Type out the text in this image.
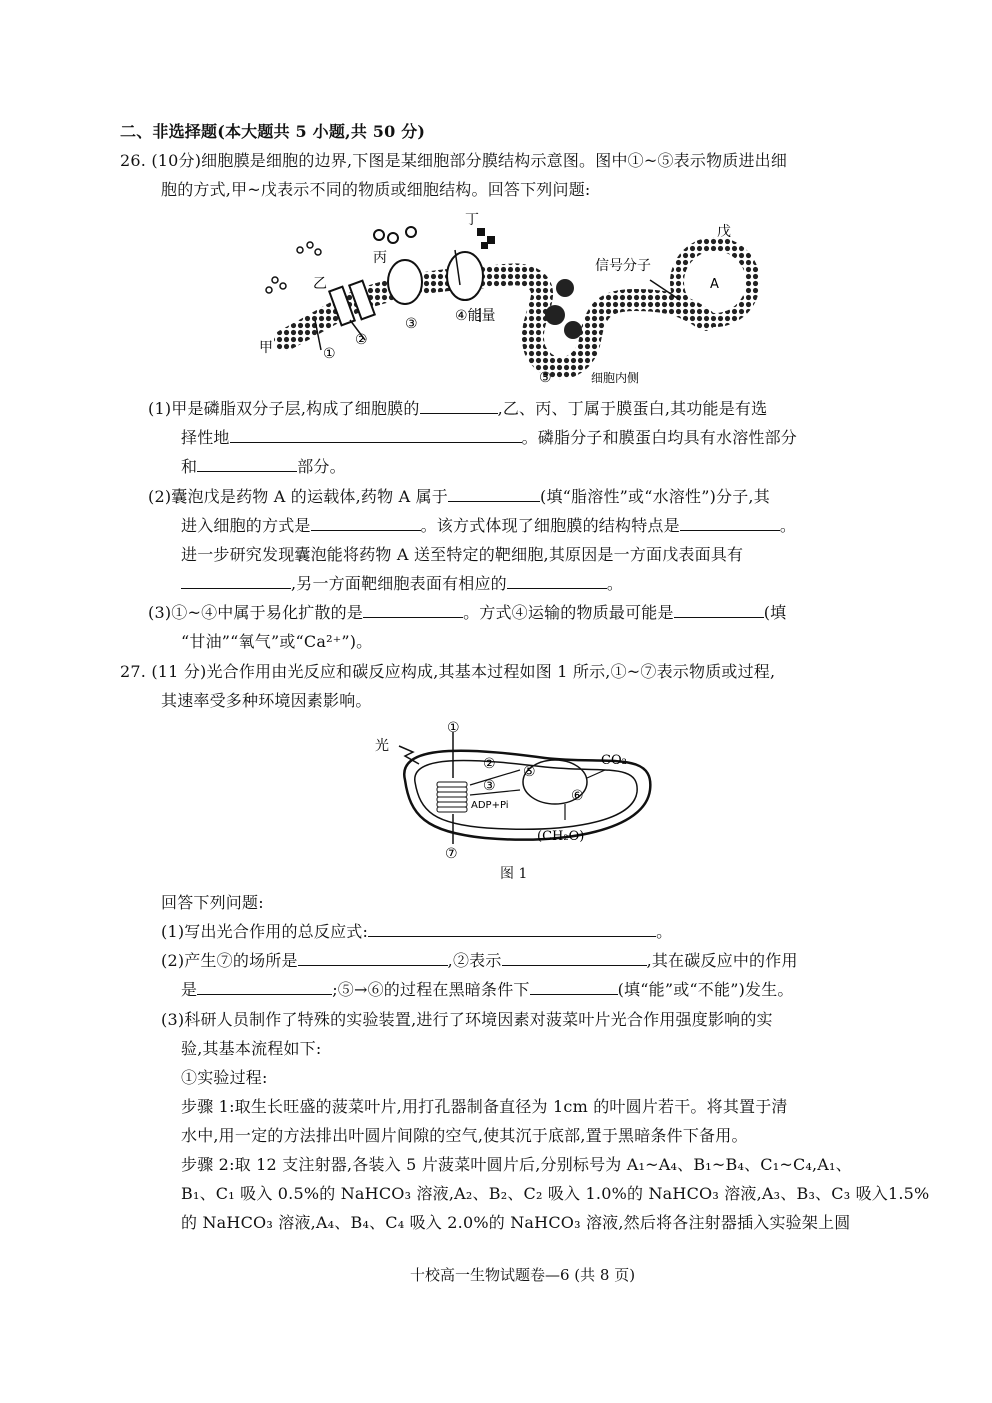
二、非选择题(本大题共 5 小题,共 50 分)
26. (10分)细胞膜是细胞的边界,下图是某细胞部分膜结构示意图。图中①~⑤表示物质进出细
胞的方式,甲~戊表示不同的物质或细胞结构。回答下列问题:
戊
A
信号分子
丁
丙
乙
甲	①
②
③	④能量
⑤	细胞内侧
(1)甲是磷脂双分子层,构成了细胞膜的	,乙、丙、丁属于膜蛋白,其功能是有选
择性地	。磷脂分子和膜蛋白均具有水溶性部分
和	部分。
(2)囊泡戊是药物 A 的运载体,药物 A 属于	(填“脂溶性”或“水溶性”)分子,其
进入细胞的方式是	。该方式体现了细胞膜的结构特点是	。
进一步研究发现囊泡能将药物 A 送至特定的靶细胞,其原因是一方面戊表面具有
,另一方面靶细胞表面有相应的	。
(3)①~④中属于易化扩散的是	。方式④运输的物质最可能是	(填
“甘油”“氧气”或“Ca²⁺”)。
27. (11 分)光合作用由光反应和碳反应构成,其基本过程如图 1 所示,①~⑦表示物质或过程,
其速率受多种环境因素影响。
光
①
②
③
ADP+Pi
⑤
⑥
CO₂
(CH₂O)
⑦
图 1
回答下列问题:
(1)写出光合作用的总反应式:	。
(2)产生⑦的场所是	,②表示	,其在碳反应中的作用
是	;⑤→⑥的过程在黑暗条件下	(填“能”或“不能”)发生。
(3)科研人员制作了特殊的实验装置,进行了环境因素对菠菜叶片光合作用强度影响的实
验,其基本流程如下:
①实验过程:
步骤 1:取生长旺盛的菠菜叶片,用打孔器制备直径为 1cm 的叶圆片若干。将其置于清
水中,用一定的方法排出叶圆片间隙的空气,使其沉于底部,置于黑暗条件下备用。
步骤 2:取 12 支注射器,各装入 5 片菠菜叶圆片后,分别标号为 A₁~A₄、B₁~B₄、C₁~C₄,A₁、
B₁、C₁ 吸入 0.5%的 NaHCO₃ 溶液,A₂、B₂、C₂ 吸入 1.0%的 NaHCO₃ 溶液,A₃、B₃、C₃ 吸入1.5%
的 NaHCO₃ 溶液,A₄、B₄、C₄ 吸入 2.0%的 NaHCO₃ 溶液,然后将各注射器插入实验架上圆
十校高一生物试题卷—6 (共 8 页)
